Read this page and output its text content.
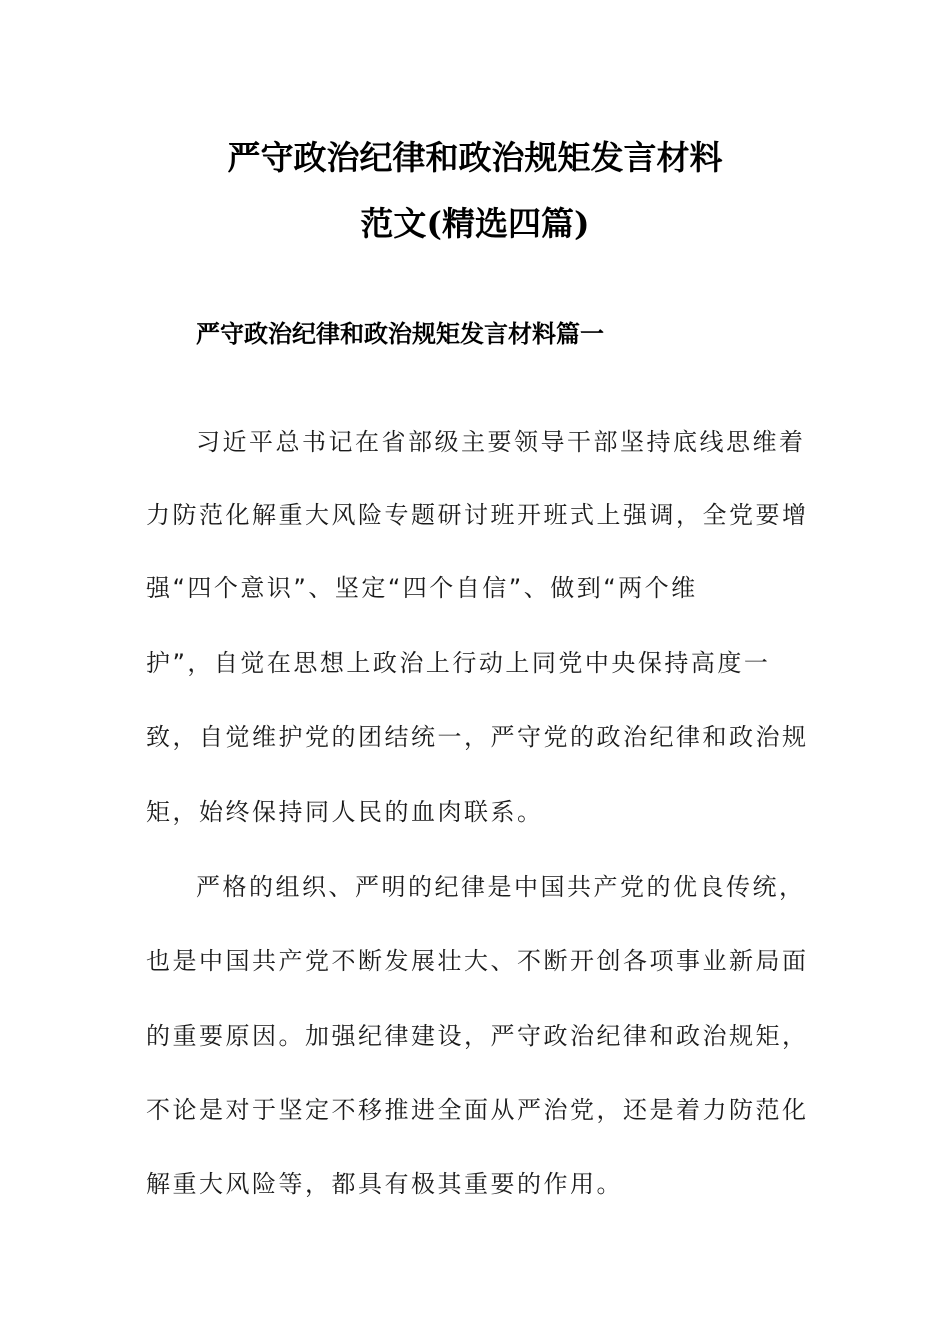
严守政治纪律和政治规矩发言材料
范文(精选四篇)
严守政治纪律和政治规矩发言材料篇一
习近平总书记在省部级主要领导干部坚持底线思维着
力防范化解重大风险专题研讨班开班式上强调，全党要增
强“四个意识”、坚定“四个自信”、做到“两个维
护”，自觉在思想上政治上行动上同党中央保持高度一
致，自觉维护党的团结统一，严守党的政治纪律和政治规
矩，始终保持同人民的血肉联系。
严格的组织、严明的纪律是中国共产党的优良传统，
也是中国共产党不断发展壮大、不断开创各项事业新局面
的重要原因。加强纪律建设，严守政治纪律和政治规矩，
不论是对于坚定不移推进全面从严治党，还是着力防范化
解重大风险等，都具有极其重要的作用。
